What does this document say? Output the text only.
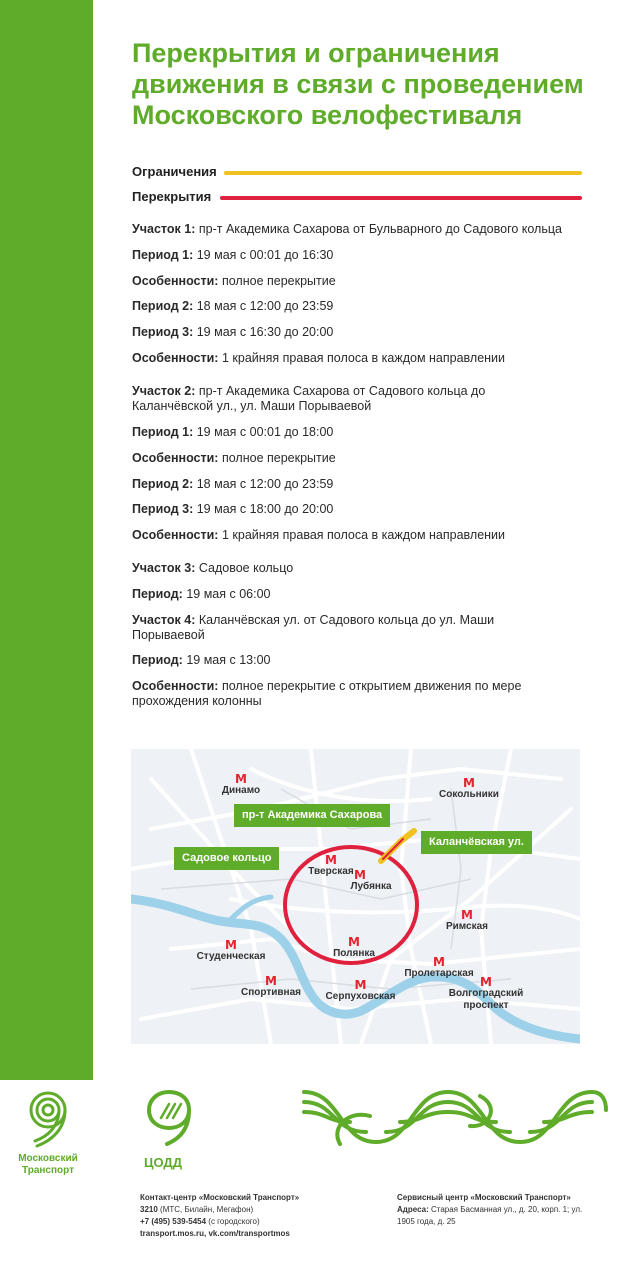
Перекрытия и ограничения движения в связи с проведением Московского велофестиваля
Ограничения
Перекрытия

Участок 1: пр-т Академика Сахарова от Бульварного до Садового кольца

Период 1: 19 мая с 00:01 до 16:30

Особенности: полное перекрытие

Период 2: 18 мая с 12:00 до 23:59

Период 3: 19 мая с 16:30 до 20:00

Особенности: 1 крайняя правая полоса в каждом направлении

Участок 2: пр-т Академика Сахарова от Садового кольца до Каланчёвской ул., ул. Маши Порываевой

Период 1: 19 мая с 00:01 до 18:00

Особенности: полное перекрытие

Период 2: 18 мая с 12:00 до 23:59

Период 3: 19 мая с 18:00 до 20:00

Особенности: 1 крайняя правая полоса в каждом направлении

Участок 3: Садовое кольцо

Период: 19 мая с 06:00

Участок 4: Каланчёвская ул. от Садового кольца до ул. Маши Порываевой

Период: 19 мая с 13:00

Особенности: полное перекрытие с открытием движения по мере прохождения колонны

М
Динамо
М
Сокольники
М
Тверская М
Лубянка
М
Римская
М
Студенческая
М
Полянка
М
Пролетарская
М
Спортивная
М
Серпуховская
М
Волгоградский проспект
пр-т Академика Сахарова
Садовое кольцо
Каланчёвская ул.
Московский Транспорт
ЦОДД
Контакт-центр «Московский Транспорт»
3210 (МТС, Билайн, Мегафон)
+7 (495) 539-5454 (с городского)
transport.mos.ru, vk.com/transportmos
Сервисный центр «Московский Транспорт»
Адреса: Старая Басманная ул., д. 20, корп. 1; ул. 1905 года, д. 25
